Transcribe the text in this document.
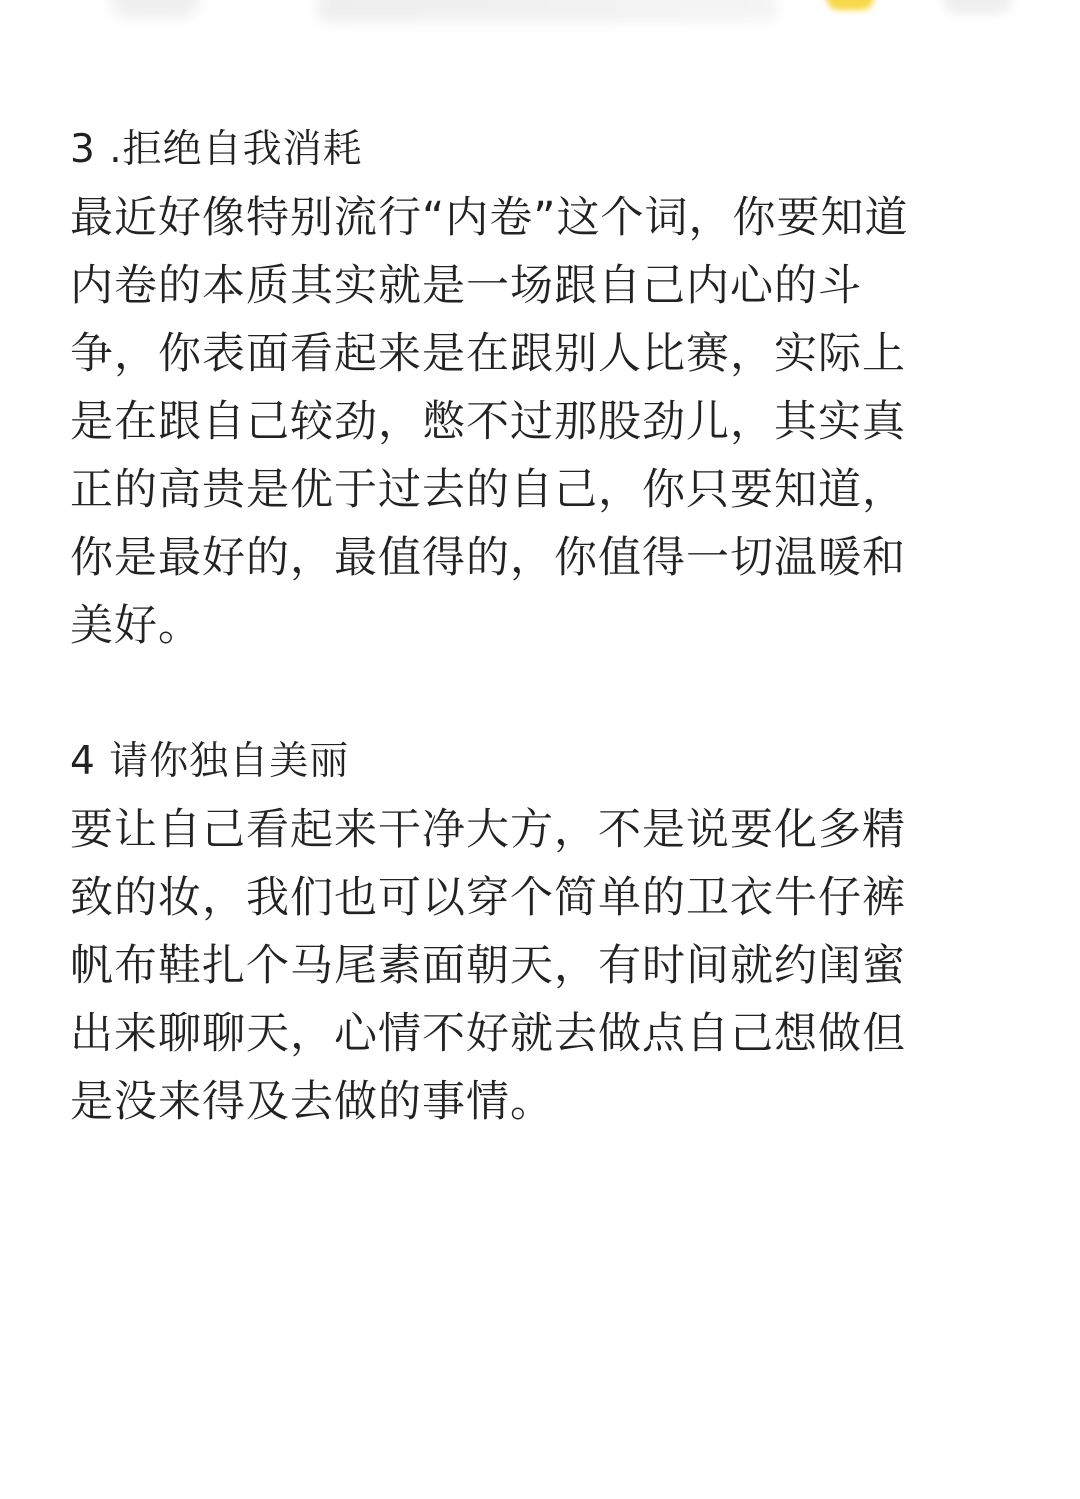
3 .拒绝自我消耗
最近好像特别流行“内卷”这个词，你要知道
内卷的本质其实就是一场跟自己内心的斗
争，你表面看起来是在跟别人比赛，实际上
是在跟自己较劲，憋不过那股劲儿，其实真
正的高贵是优于过去的自己，你只要知道，
你是最好的，最值得的，你值得一切温暖和
美好。
4 请你独自美丽
要让自己看起来干净大方，不是说要化多精
致的妆，我们也可以穿个简单的卫衣牛仔裤
帆布鞋扎个马尾素面朝天，有时间就约闺蜜
出来聊聊天，心情不好就去做点自己想做但
是没来得及去做的事情。
